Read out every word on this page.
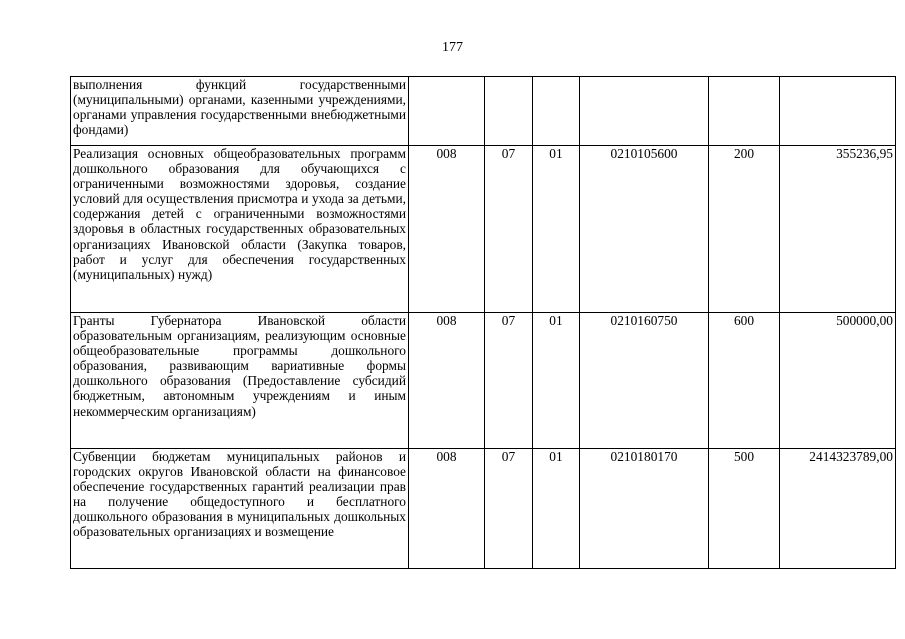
177
выполнения функций государственными (муниципальными) органами, казенными учреждениями, органами управления государственными внебюджетными фондами)						
Реализация основных общеобразовательных программ дошкольного образования для обучающихся с ограниченными возможностями здоровья, создание условий для осуществления присмотра и ухода за детьми, содержания детей с ограниченными возможностями здоровья в областных государственных образовательных организациях Ивановской области (Закупка товаров, работ и услуг для обеспечения государственных (муниципальных) нужд)	008	07	01	0210105600	200	355236,95
Гранты Губернатора Ивановской области образовательным организациям, реализующим основные общеобразовательные программы дошкольного образования, развивающим вариативные формы дошкольного образования (Предоставление субсидий бюджетным, автономным учреждениям и иным некоммерческим организациям)	008	07	01	0210160750	600	500000,00

Субвенции бюджетам муниципальных районов и городских округов Ивановской области на финансовое обеспечение государственных гарантий реализации прав на получение общедоступного и бесплатного дошкольного образования в муниципальных дошкольных образовательных организациях и возмещение	008	07	01	0210180170	500	2414323789,00
